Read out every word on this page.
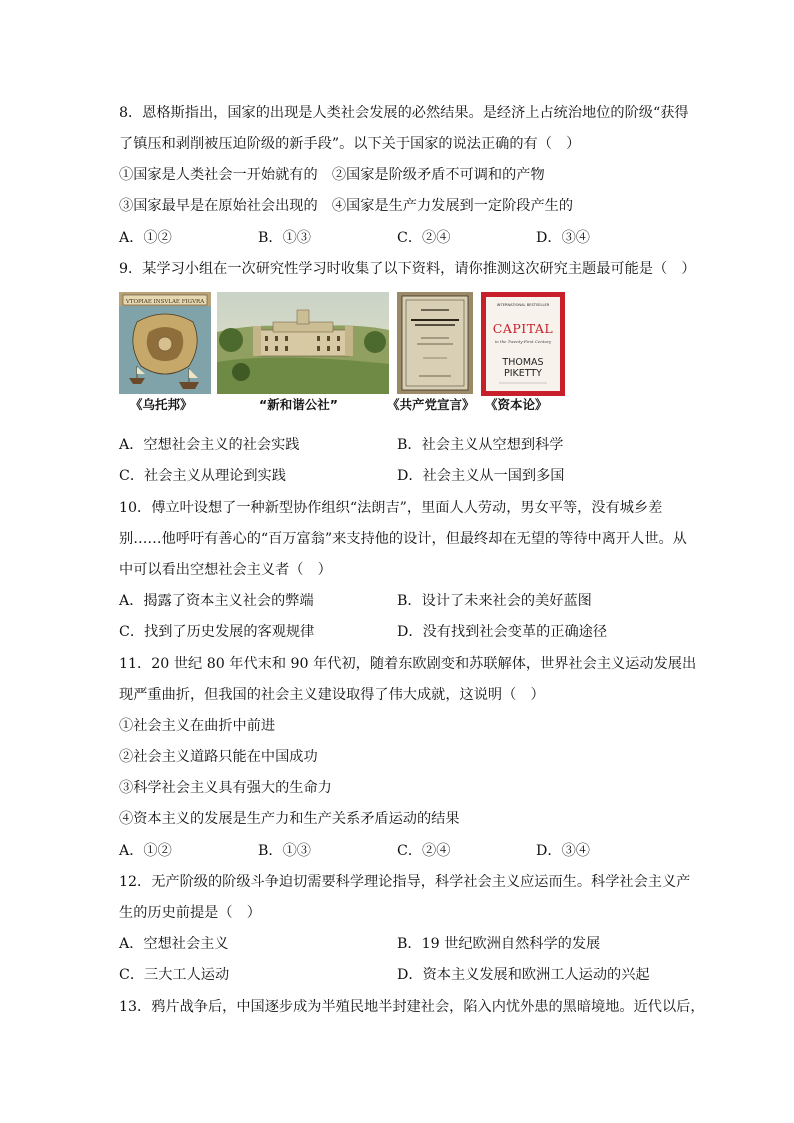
8．恩格斯指出，国家的出现是人类社会发展的必然结果。是经济上占统治地位的阶级“获得
了镇压和剥削被压迫阶级的新手段”。以下关于国家的说法正确的有（　）
①国家是人类社会一开始就有的　②国家是阶级矛盾不可调和的产物
③国家最早是在原始社会出现的　④国家是生产力发展到一定阶段产生的
A．①②	B．①③	C．②④	D．③④
9．某学习小组在一次研究性学习时收集了以下资料，请你推测这次研究主题最可能是（　）
VTOPIAE INSVLAE FIGVRA	INTERNATIONAL BESTSELLER
CAPITAL
in the Twenty-First Century
THOMAS
PIKETTY
《乌托邦》	“新和谐公社”	《共产党宣言》 《资本论》
A．空想社会主义的社会实践	B．社会主义从空想到科学
C．社会主义从理论到实践	D．社会主义从一国到多国
10．傅立叶设想了一种新型协作组织“法朗吉”，里面人人劳动，男女平等，没有城乡差
别……他呼吁有善心的“百万富翁”来支持他的设计，但最终却在无望的等待中离开人世。从
中可以看出空想社会主义者（　）
A．揭露了资本主义社会的弊端	B．设计了未来社会的美好蓝图
C．找到了历史发展的客观规律	D．没有找到社会变革的正确途径
11．20 世纪 80 年代末和 90 年代初，随着东欧剧变和苏联解体，世界社会主义运动发展出
现严重曲折，但我国的社会主义建设取得了伟大成就，这说明（　）
①社会主义在曲折中前进
②社会主义道路只能在中国成功
③科学社会主义具有强大的生命力
④资本主义的发展是生产力和生产关系矛盾运动的结果
A．①②	B．①③	C．②④	D．③④
12．无产阶级的阶级斗争迫切需要科学理论指导，科学社会主义应运而生。科学社会主义产
生的历史前提是（　）
A．空想社会主义	B．19 世纪欧洲自然科学的发展
C．三大工人运动	D．资本主义发展和欧洲工人运动的兴起
13．鸦片战争后，中国逐步成为半殖民地半封建社会，陷入内忧外患的黑暗境地。近代以后，
